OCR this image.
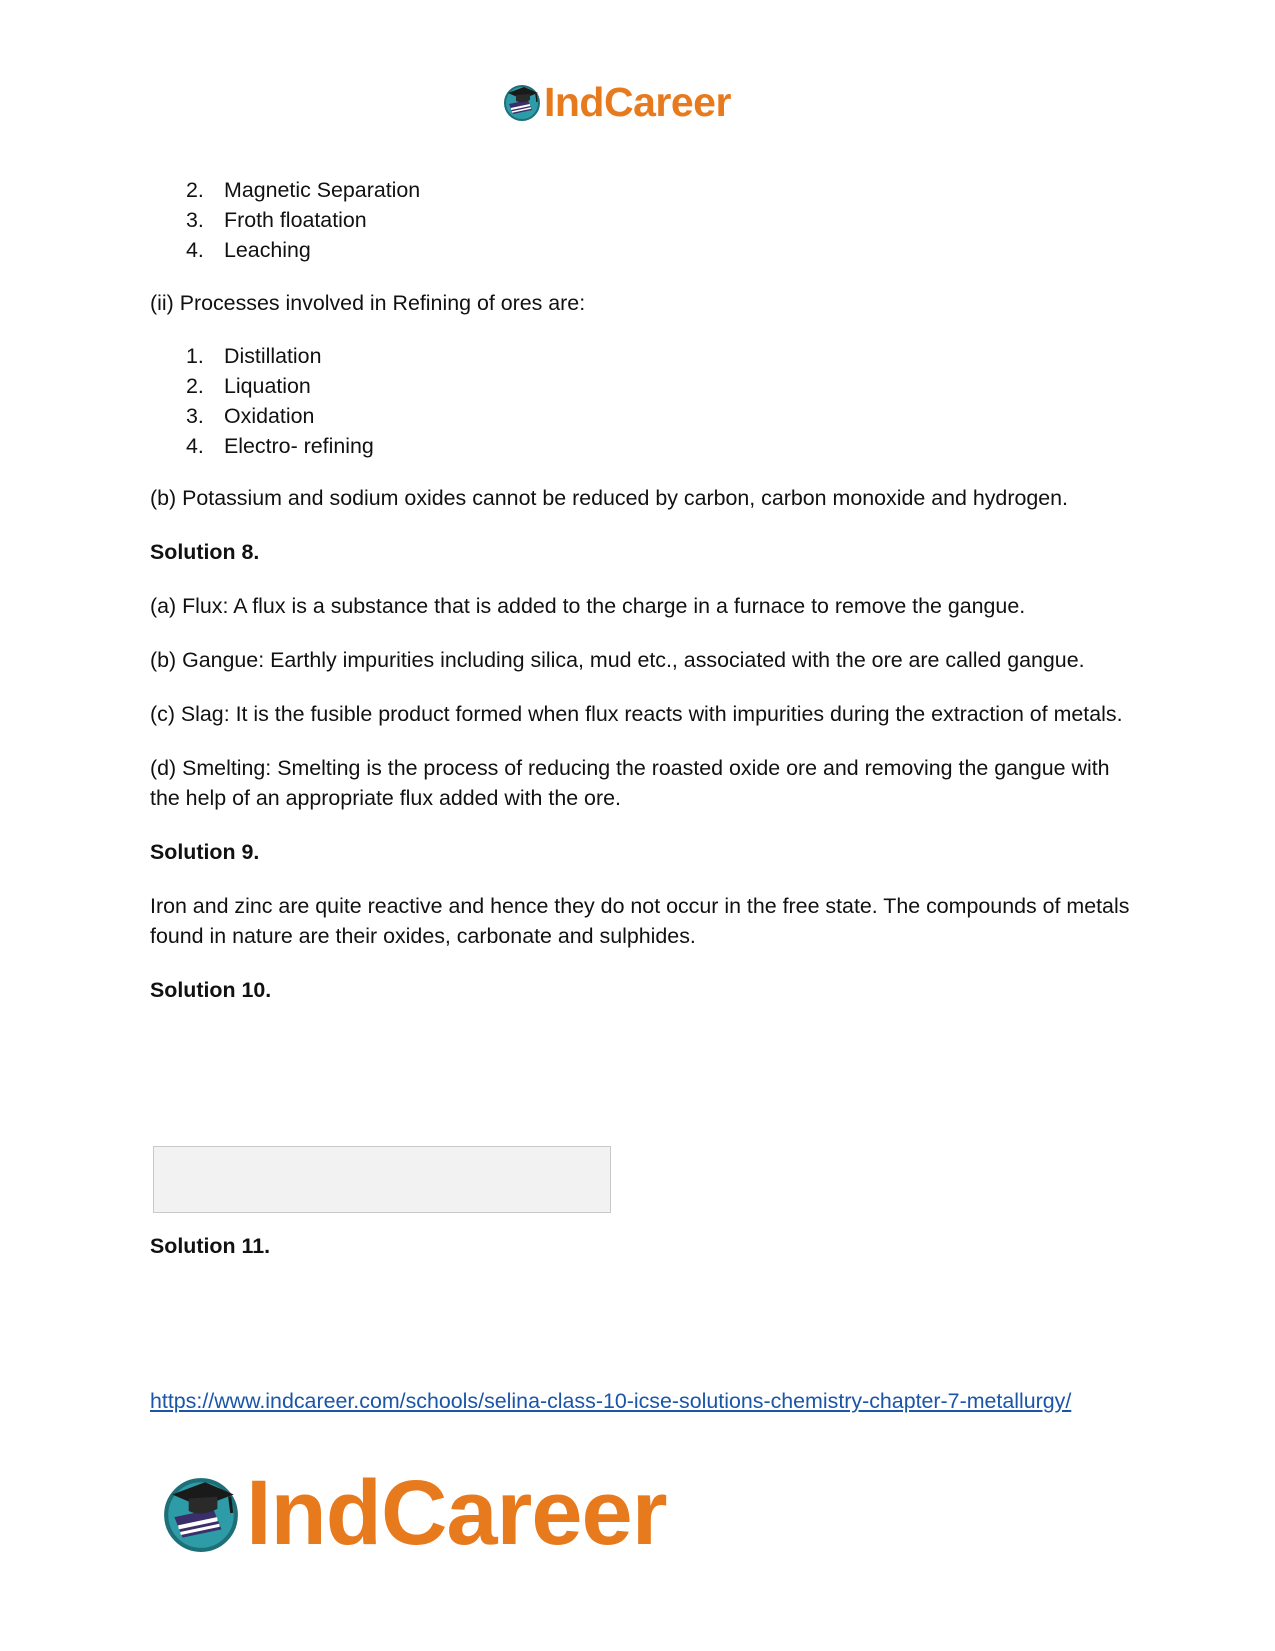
IndCareer
2. Magnetic Separation
3. Froth floatation
4. Leaching

(ii) Processes involved in Refining of ores are:

1. Distillation
2. Liquation
3. Oxidation
4. Electro- refining

(b) Potassium and sodium oxides cannot be reduced by carbon, carbon monoxide and hydrogen.

Solution 8.

(a) Flux: A flux is a substance that is added to the charge in a furnace to remove the gangue.

(b) Gangue: Earthly impurities including silica, mud etc., associated with the ore are called gangue.

(c) Slag: It is the fusible product formed when flux reacts with impurities during the extraction of metals.

(d) Smelting: Smelting is the process of reducing the roasted oxide ore and removing the gangue with the help of an appropriate flux added with the ore.

Solution 9.

Iron and zinc are quite reactive and hence they do not occur in the free state. The compounds of metals found in nature are their oxides, carbonate and sulphides.

Solution 10.

Solution 11.
https://www.indcareer.com/schools/selina-class-10-icse-solutions-chemistry-chapter-7-metallurgy/
IndCareer
